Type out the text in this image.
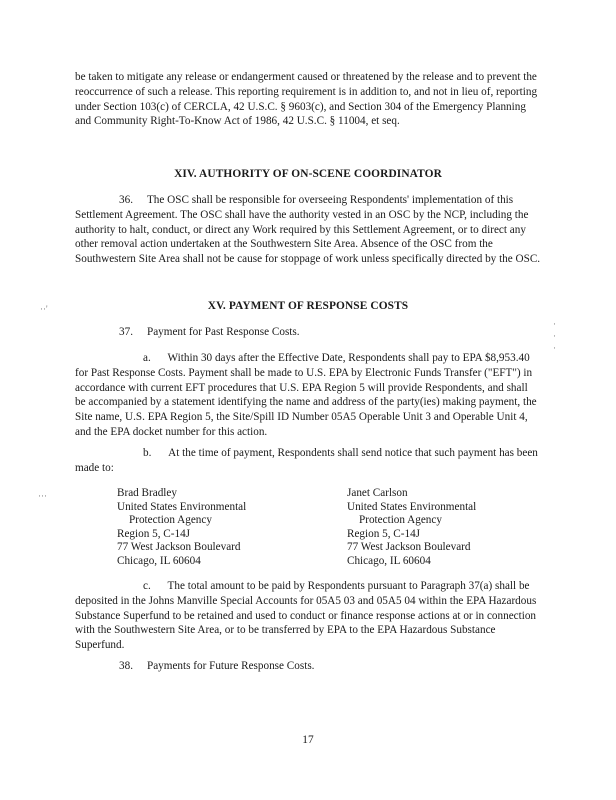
be taken to mitigate any release or endangerment caused or threatened by the release and to prevent the reoccurrence of such a release. This reporting requirement is in addition to, and not in lieu of, reporting under Section 103(c) of CERCLA, 42 U.S.C. § 9603(c), and Section 304 of the Emergency Planning and Community Right-To-Know Act of 1986, 42 U.S.C. § 11004, et seq.

XIV. AUTHORITY OF ON-SCENE COORDINATOR

36. The OSC shall be responsible for overseeing Respondents' implementation of this Settlement Agreement. The OSC shall have the authority vested in an OSC by the NCP, including the authority to halt, conduct, or direct any Work required by this Settlement Agreement, or to direct any other removal action undertaken at the Southwestern Site Area. Absence of the OSC from the Southwestern Site Area shall not be cause for stoppage of work unless specifically directed by the OSC.

XV. PAYMENT OF RESPONSE COSTS

37. Payment for Past Response Costs.

a. Within 30 days after the Effective Date, Respondents shall pay to EPA $8,953.40 for Past Response Costs. Payment shall be made to U.S. EPA by Electronic Funds Transfer ("EFT") in accordance with current EFT procedures that U.S. EPA Region 5 will provide Respondents, and shall be accompanied by a statement identifying the name and address of the party(ies) making payment, the Site name, U.S. EPA Region 5, the Site/Spill ID Number 05A5 Operable Unit 3 and Operable Unit 4, and the EPA docket number for this action.

b. At the time of payment, Respondents shall send notice that such payment has been made to:

Brad Bradley
United States Environmental
Protection Agency
Region 5, C-14J
77 West Jackson Boulevard
Chicago, IL 60604
Janet Carlson
United States Environmental
Protection Agency
Region 5, C-14J
77 West Jackson Boulevard
Chicago, IL 60604

c. The total amount to be paid by Respondents pursuant to Paragraph 37(a) shall be deposited in the Johns Manville Special Accounts for 05A5 03 and 05A5 04 within the EPA Hazardous Substance Superfund to be retained and used to conduct or finance response actions at or in connection with the Southwestern Site Area, or to be transferred by EPA to the EPA Hazardous Substance Superfund.

38. Payments for Future Response Costs.

17
··'
···
·
·
·
